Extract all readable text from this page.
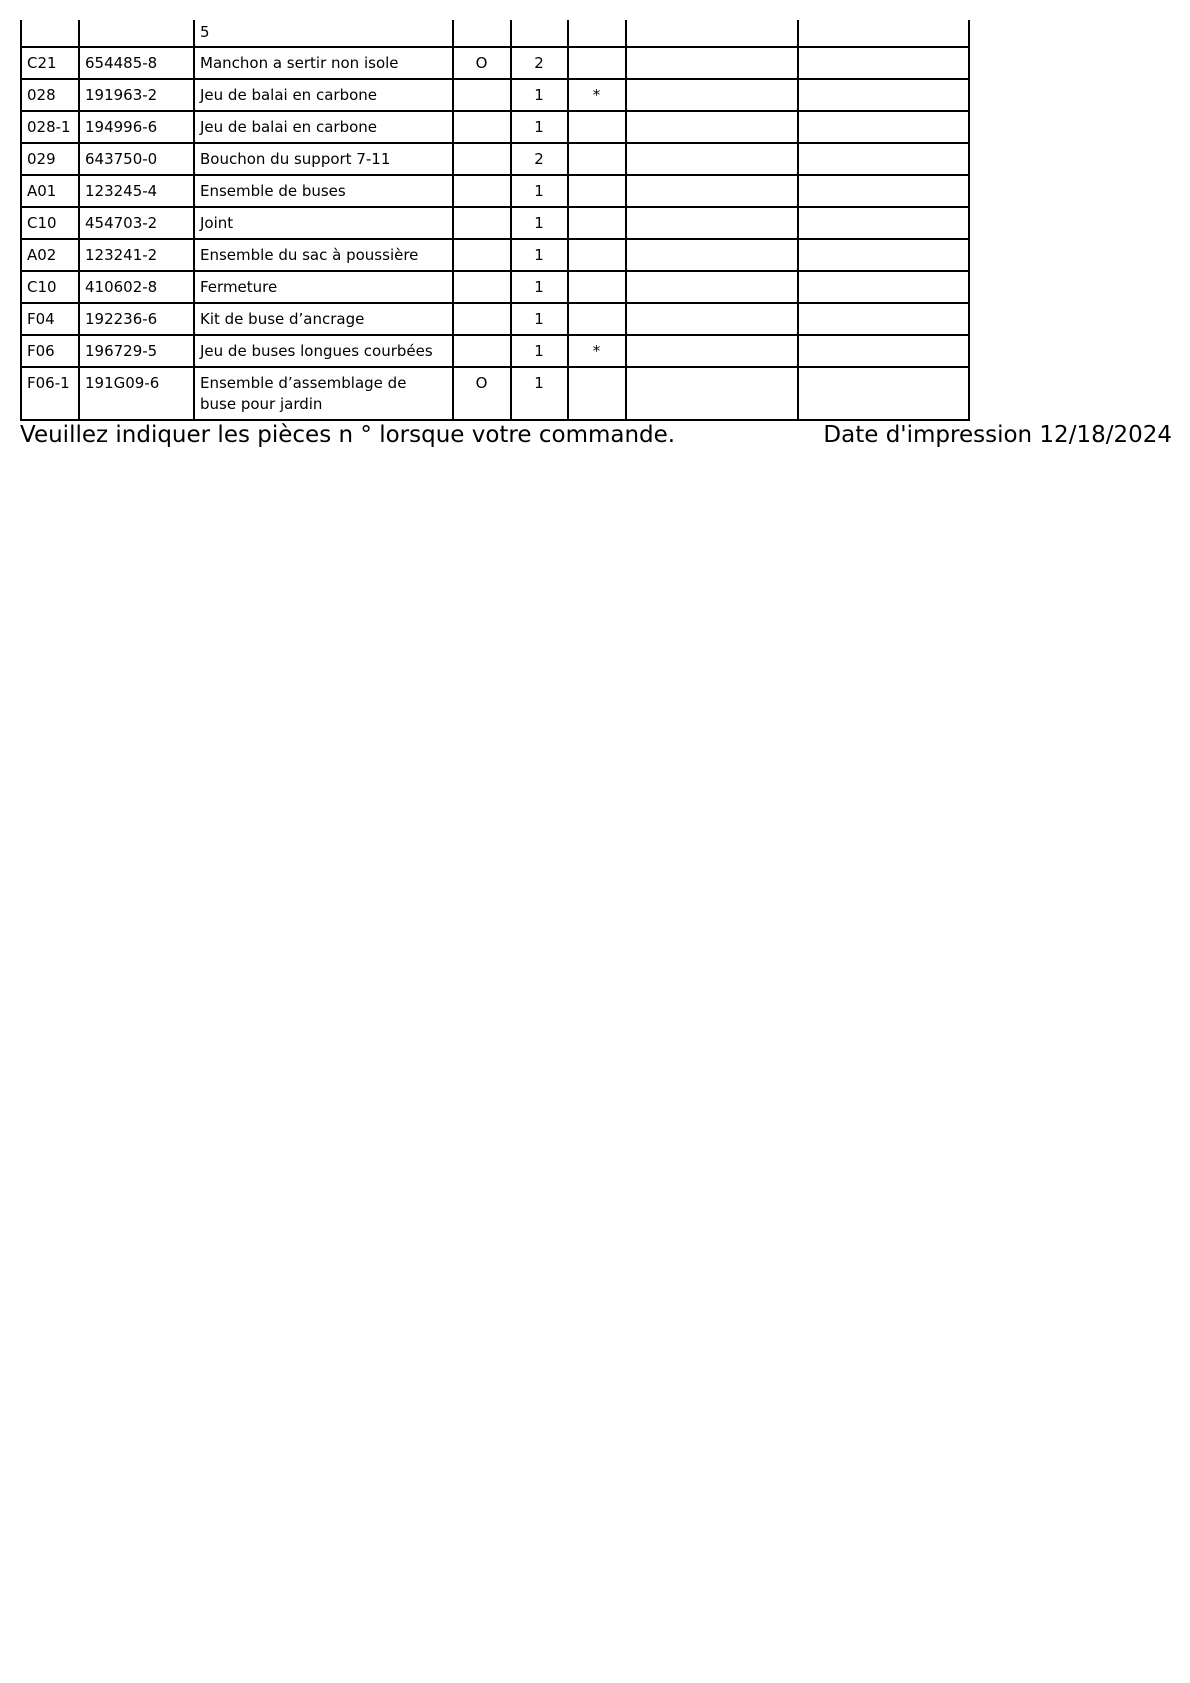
		5					
C21	654485-8	Manchon a sertir non isole	O	2			
028	191963-2	Jeu de balai en carbone		1	*		
028-1	194996-6	Jeu de balai en carbone		1			
029	643750-0	Bouchon du support 7-11		2			
A01	123245-4	Ensemble de buses		1			
C10	454703-2	Joint		1			
A02	123241-2	Ensemble du sac à poussière		1			
C10	410602-8	Fermeture		1			
F04	192236-6	Kit de buse d’ancrage		1			
F06	196729-5	Jeu de buses longues courbées		1	*		
F06-1	191G09-6	Ensemble d’assemblage de buse pour jardin	O	1			
Veuillez indiquer les pièces n ° lorsque votre commande.	Date d'impression 12/18/2024
